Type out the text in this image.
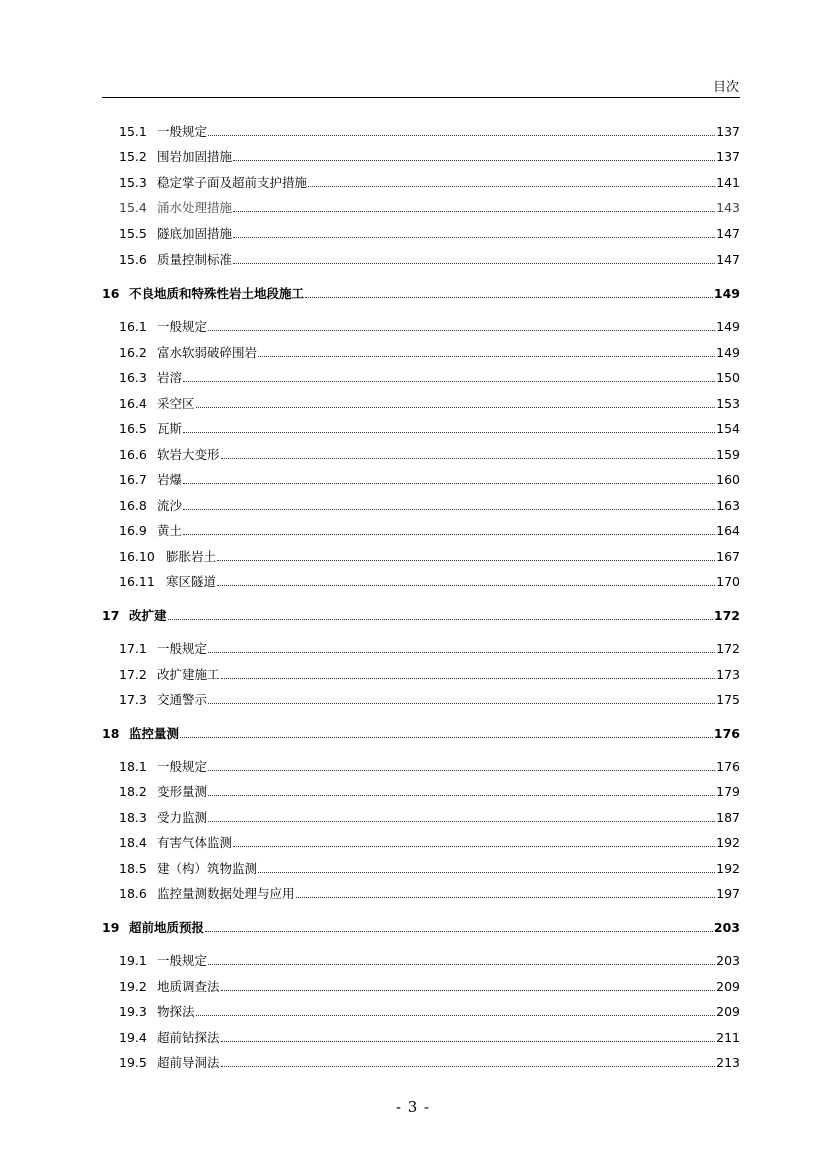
目次
15.1 一般规定	137
15.2 围岩加固措施	137
15.3 稳定掌子面及超前支护措施	141
15.4 涌水处理措施	143
15.5 隧底加固措施	147
15.6 质量控制标准	147
16 不良地质和特殊性岩土地段施工	149
16.1 一般规定	149
16.2 富水软弱破碎围岩	149
16.3 岩溶	150
16.4 采空区	153
16.5 瓦斯	154
16.6 软岩大变形	159
16.7 岩爆	160
16.8 流沙	163
16.9 黄土	164
16.10 膨胀岩土	167
16.11 寒区隧道	170
17 改扩建	172
17.1 一般规定	172
17.2 改扩建施工	173
17.3 交通警示	175
18 监控量测	176
18.1 一般规定	176
18.2 变形量测	179
18.3 受力监测	187
18.4 有害气体监测	192
18.5 建（构）筑物监测	192
18.6 监控量测数据处理与应用	197
19 超前地质预报	203
19.1 一般规定	203
19.2 地质调查法	209
19.3 物探法	209
19.4 超前钻探法	211
19.5 超前导洞法	213
- 3 -
